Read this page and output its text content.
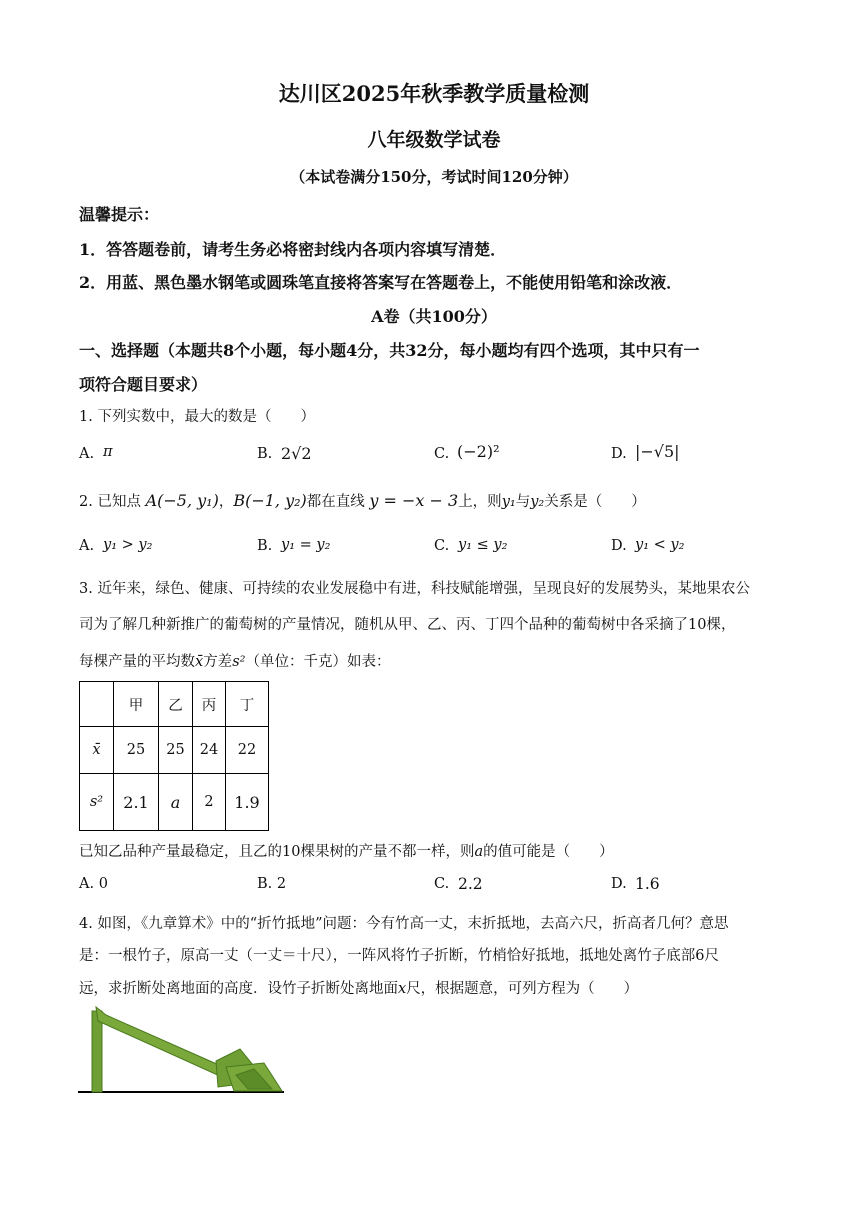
达川区2025年秋季教学质量检测
八年级数学试卷
（本试卷满分150分，考试时间120分钟）
温馨提示：
1．答答题卷前，请考生务必将密封线内各项内容填写清楚．
2．用蓝、黑色墨水钢笔或圆珠笔直接将答案写在答题卷上，不能使用铅笔和涂改液．
A卷（共100分）
一、选择题（本题共8个小题，每小题4分，共32分，每小题均有四个选项，其中只有一
项符合题目要求）
1. 下列实数中，最大的数是（　　）
A. π	B. 2√2	C. (−2)²	D. |−√5|
2. 已知点 A(−5, y₁)，B(−1, y₂)都在直线 y = −x − 3上，则y₁与y₂关系是（　　）
A. y₁ > y₂	B. y₁ = y₂	C. y₁ ≤ y₂	D. y₁ < y₂
3. 近年来，绿色、健康、可持续的农业发展稳中有进，科技赋能增强，呈现良好的发展势头，某地果农公
司为了解几种新推广的葡萄树的产量情况，随机从甲、乙、丙、丁四个品种的葡萄树中各采摘了10棵，
每棵产量的平均数x̄方差s²（单位：千克）如表：
	甲	乙	丙	丁
x̄	25	25	24	22
s²	2.1	a	2	1.9
已知乙品种产量最稳定，且乙的10棵果树的产量不都一样，则a的值可能是（　　）
A. 0	B. 2	C. 2.2	D. 1.6
4. 如图，《九章算术》中的“折竹抵地”问题：今有竹高一丈，末折抵地，去高六尺，折高者几何？意思
是：一根竹子，原高一丈（一丈＝十尺），一阵风将竹子折断，竹梢恰好抵地，抵地处离竹子底部6尺
远，求折断处离地面的高度．设竹子折断处离地面x尺，根据题意，可列方程为（　　）
